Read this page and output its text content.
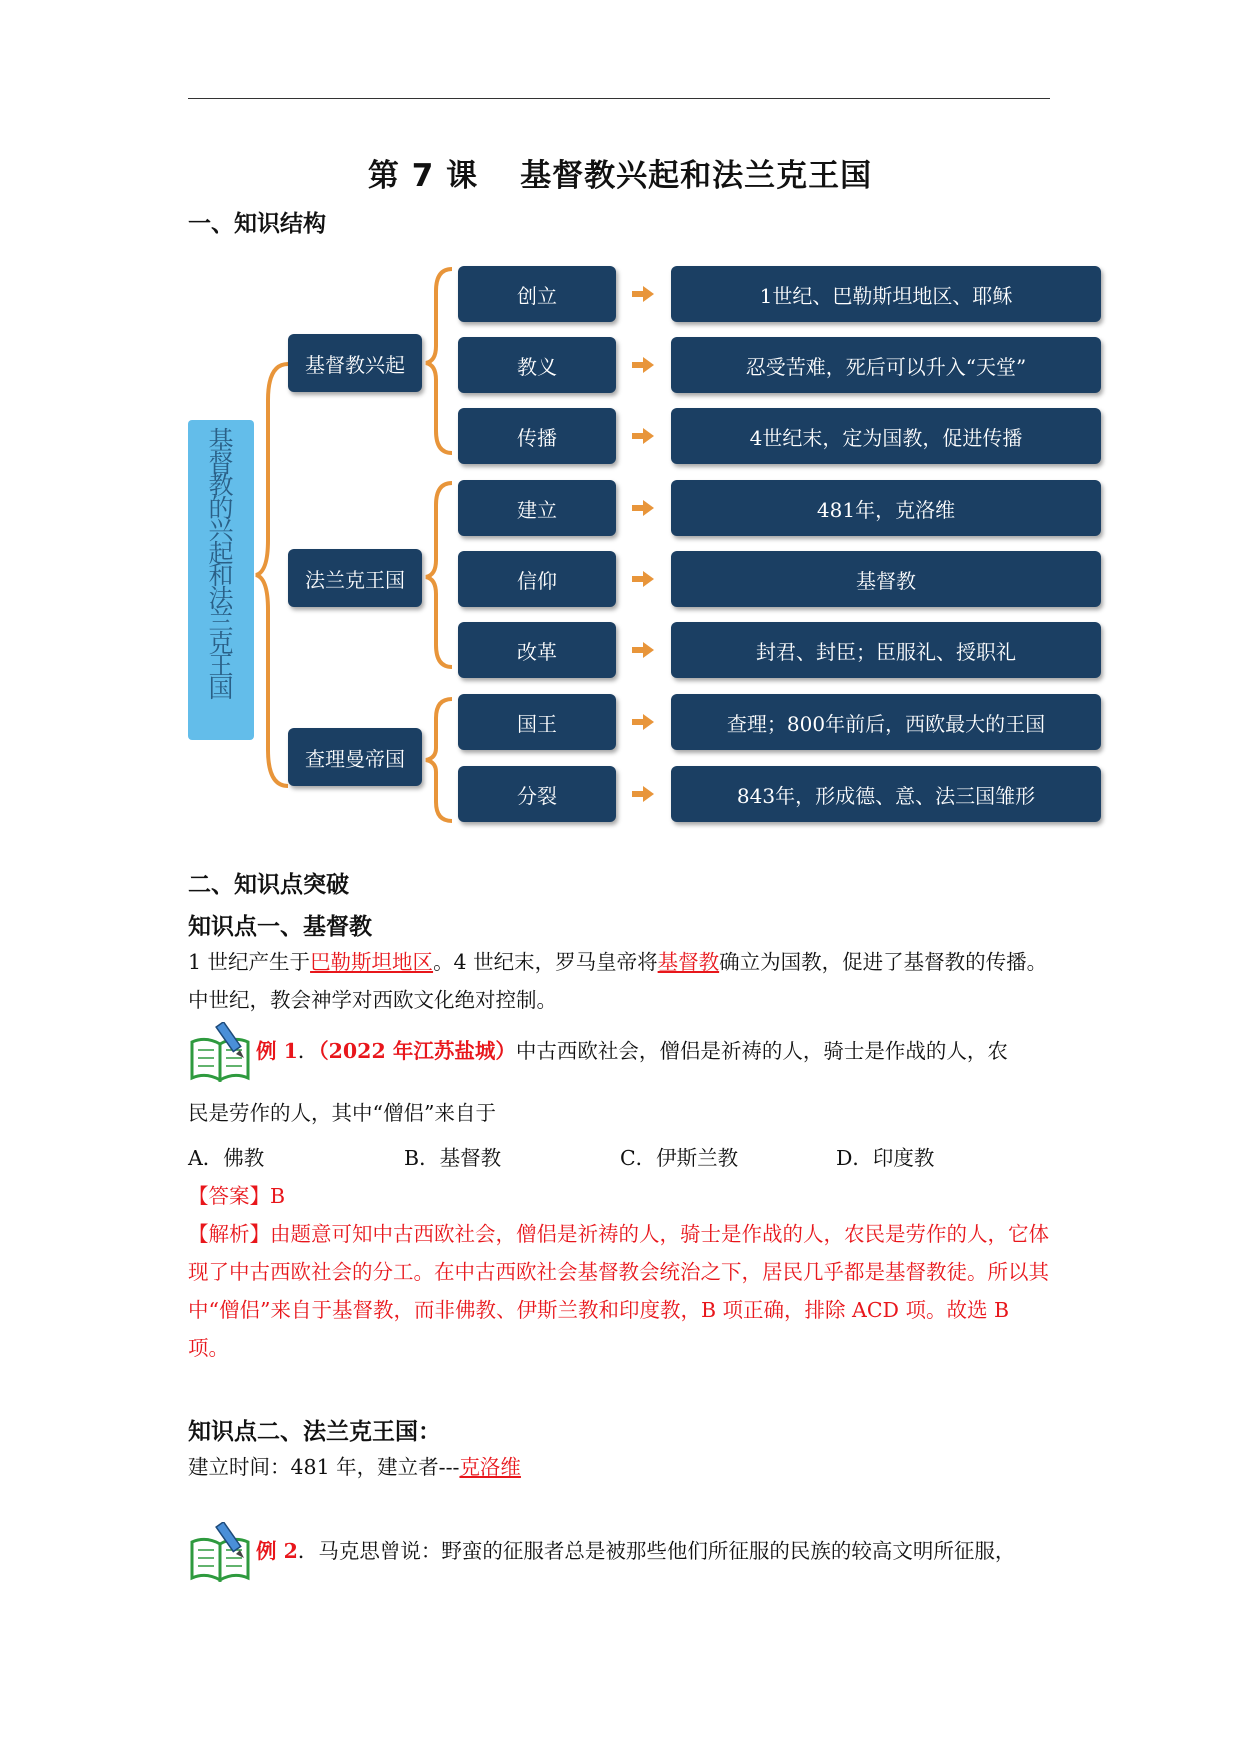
第 7 课 基督教兴起和法兰克王国
一、知识结构
基
督
教
的
兴
起
和
法
兰
克
王
国
基督教兴起
法兰克王国
查理曼帝国
创立	1世纪、巴勒斯坦地区、耶稣
教义	忍受苦难，死后可以升入“天堂”
传播	4世纪末，定为国教，促进传播
建立	481年，克洛维
信仰	基督教
改革	封君、封臣；臣服礼、授职礼
国王	查理；800年前后，西欧最大的王国
分裂	843年，形成德、意、法三国雏形
二、知识点突破
知识点一、基督教
1 世纪产生于巴勒斯坦地区。4 世纪末，罗马皇帝将基督教确立为国教，促进了基督教的传播。中世纪，教会神学对西欧文化绝对控制。
例 1．（2022 年江苏盐城）中古西欧社会，僧侣是祈祷的人，骑士是作战的人，农
民是劳作的人，其中“僧侣”来自于
A．佛教	B．基督教	C．伊斯兰教	D．印度教
【答案】B
【解析】由题意可知中古西欧社会，僧侣是祈祷的人，骑士是作战的人，农民是劳作的人，它体现了中古西欧社会的分工。在中古西欧社会基督教会统治之下，居民几乎都是基督教徒。所以其中“僧侣”来自于基督教，而非佛教、伊斯兰教和印度教，B 项正确，排除 ACD 项。故选 B 项。
知识点二、法兰克王国：
建立时间：481 年，建立者---克洛维
例 2．马克思曾说：野蛮的征服者总是被那些他们所征服的民族的较高文明所征服，
